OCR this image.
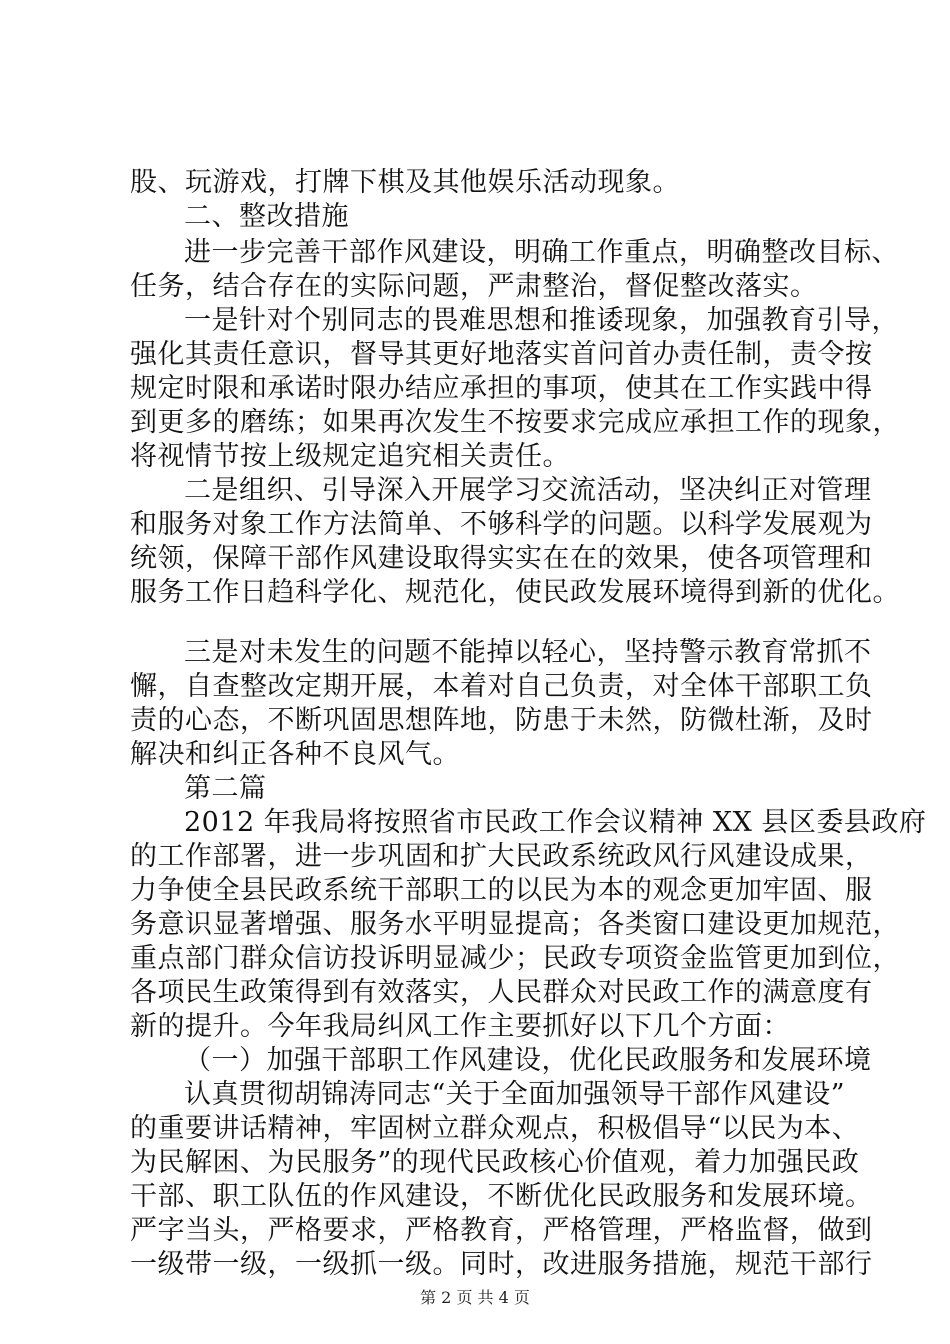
股、玩游戏，打牌下棋及其他娱乐活动现象。
二、整改措施
进一步完善干部作风建设，明确工作重点，明确整改目标、
任务，结合存在的实际问题，严肃整治，督促整改落实。
一是针对个别同志的畏难思想和推诿现象，加强教育引导，
强化其责任意识，督导其更好地落实首问首办责任制，责令按
规定时限和承诺时限办结应承担的事项，使其在工作实践中得
到更多的磨练；如果再次发生不按要求完成应承担工作的现象，
将视情节按上级规定追究相关责任。
二是组织、引导深入开展学习交流活动，坚决纠正对管理
和服务对象工作方法简单、不够科学的问题。以科学发展观为
统领，保障干部作风建设取得实实在在的效果，使各项管理和
服务工作日趋科学化、规范化，使民政发展环境得到新的优化。
三是对未发生的问题不能掉以轻心，坚持警示教育常抓不
懈，自查整改定期开展，本着对自己负责，对全体干部职工负
责的心态，不断巩固思想阵地，防患于未然，防微杜渐，及时
解决和纠正各种不良风气。
第二篇
2012 年我局将按照省市民政工作会议精神 XX 县区委县政府
的工作部署，进一步巩固和扩大民政系统政风行风建设成果，
力争使全县民政系统干部职工的以民为本的观念更加牢固、服
务意识显著增强、服务水平明显提高；各类窗口建设更加规范，
重点部门群众信访投诉明显减少；民政专项资金监管更加到位，
各项民生政策得到有效落实，人民群众对民政工作的满意度有
新的提升。今年我局纠风工作主要抓好以下几个方面：
（一）加强干部职工作风建设，优化民政服务和发展环境
认真贯彻胡锦涛同志“关于全面加强领导干部作风建设”
的重要讲话精神，牢固树立群众观点，积极倡导“以民为本、
为民解困、为民服务”的现代民政核心价值观，着力加强民政
干部、职工队伍的作风建设，不断优化民政服务和发展环境。
严字当头，严格要求，严格教育，严格管理，严格监督，做到
一级带一级，一级抓一级。同时，改进服务措施，规范干部行
第 2 页 共 4 页
